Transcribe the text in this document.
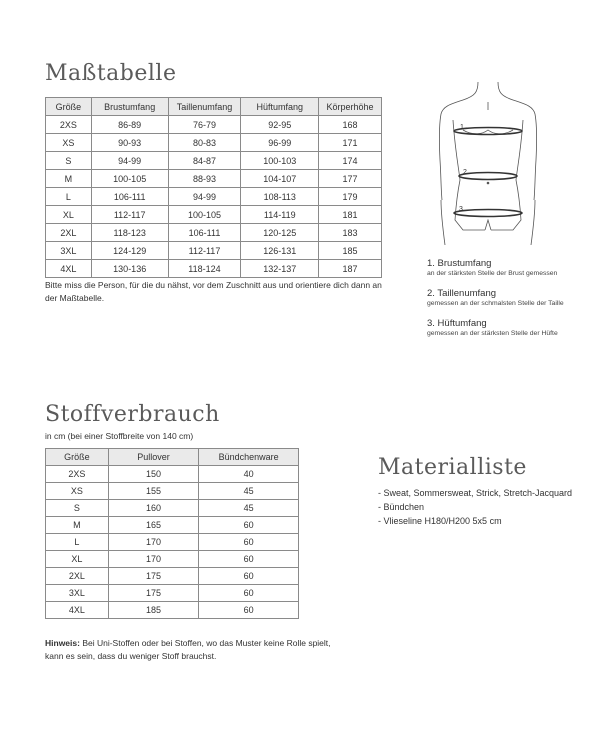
Maßtabelle
Größe	Brustumfang	Taillenumfang	Hüftumfang	Körperhöhe
2XS	86-89	76-79	92-95	168
XS	90-93	80-83	96-99	171
S	94-99	84-87	100-103	174
M	100-105	88-93	104-107	177
L	106-111	94-99	108-113	179
XL	112-117	100-105	114-119	181
2XL	118-123	106-111	120-125	183
3XL	124-129	112-117	126-131	185
4XL	130-136	118-124	132-137	187

Bitte miss die Person, für die du nähst, vor dem Zuschnitt aus und orientiere dich dann an der Maßtabelle.

1
2
3
1. Brustumfang
an der stärksten Stelle der Brust gemessen
2. Taillenumfang
gemessen an der schmalsten Stelle der Taille
3. Hüftumfang
gemessen an der stärksten Stelle der Hüfte
Stoffverbrauch

in cm (bei einer Stoffbreite von 140 cm)

Größe	Pullover	Bündchenware
2XS	150	40
XS	155	45
S	160	45
M	165	60
L	170	60
XL	170	60
2XL	175	60
3XL	175	60
4XL	185	60

Hinweis: Bei Uni-Stoffen oder bei Stoffen, wo das Muster keine Rolle spielt, kann es sein, dass du weniger Stoff brauchst.

Materialliste
- Sweat, Sommersweat, Strick, Stretch-Jacquard
- Bündchen
- Vlieseline H180/H200 5x5 cm
